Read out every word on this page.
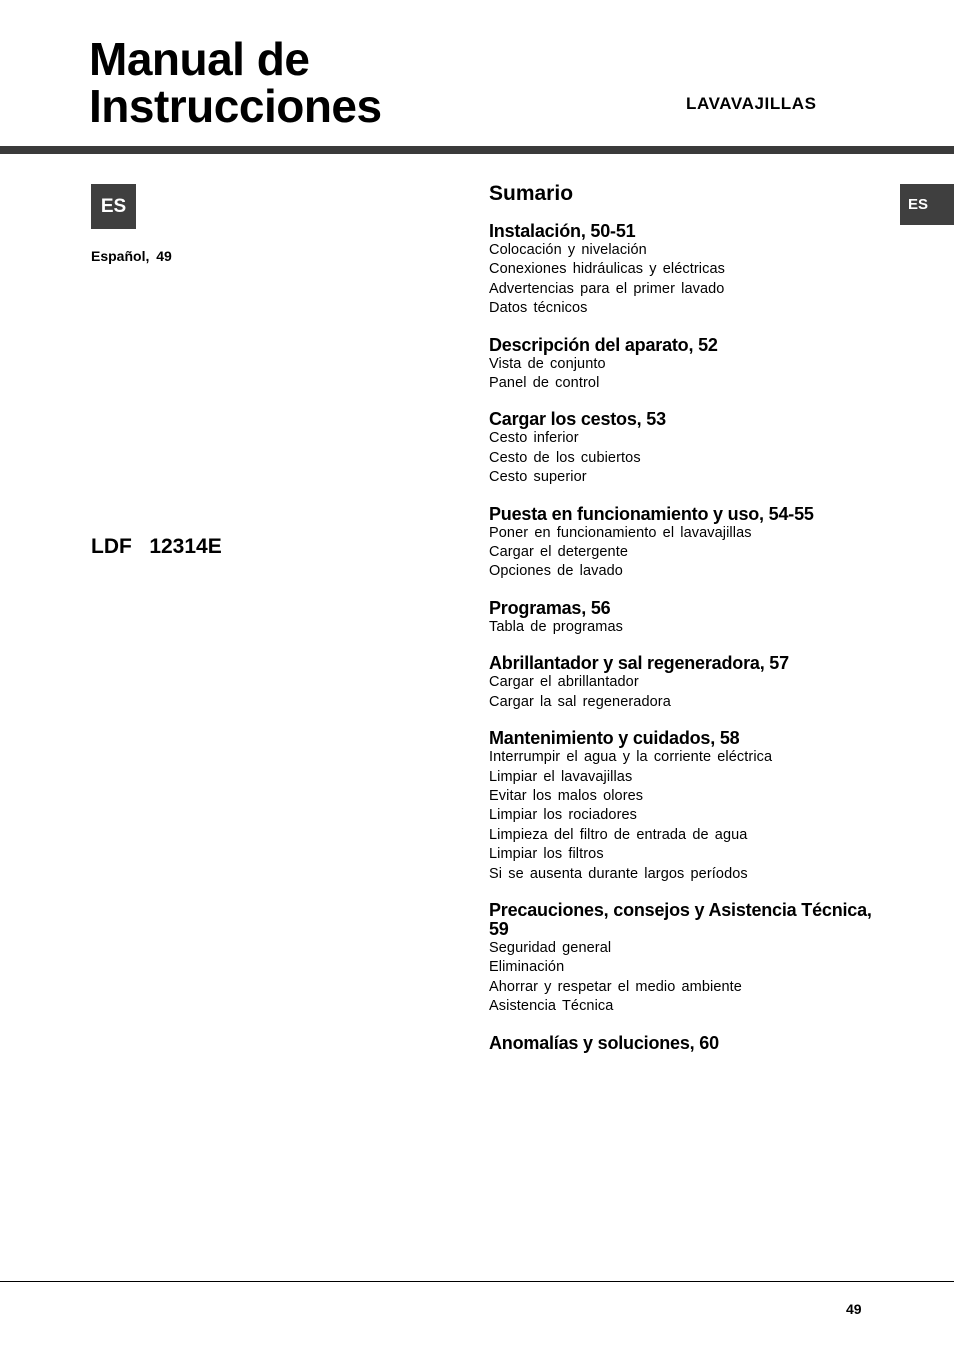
Manual de
Instrucciones	LAVAVAJILLAS
ES
Español, 49
LDF   12314E
ES
Sumario
Instalación, 50-51
Colocación y nivelación
Conexiones hidráulicas y eléctricas
Advertencias para el primer lavado
Datos técnicos
Descripción del aparato, 52
Vista de conjunto
Panel de control
Cargar los cestos, 53
Cesto inferior
Cesto de los cubiertos
Cesto superior
Puesta en funcionamiento y uso, 54-55
Poner en funcionamiento el lavavajillas
Cargar el detergente
Opciones de lavado
Programas, 56
Tabla de programas
Abrillantador y sal regeneradora, 57
Cargar el abrillantador
Cargar la sal regeneradora
Mantenimiento y cuidados, 58
Interrumpir el agua y la corriente eléctrica
Limpiar el lavavajillas
Evitar los malos olores
Limpiar los rociadores
Limpieza del filtro de entrada de agua
Limpiar los filtros
Si se ausenta durante largos períodos
Precauciones, consejos y Asistencia Técnica, 59
Seguridad general
Eliminación
Ahorrar y respetar el medio ambiente
Asistencia Técnica
Anomalías y soluciones, 60
49
